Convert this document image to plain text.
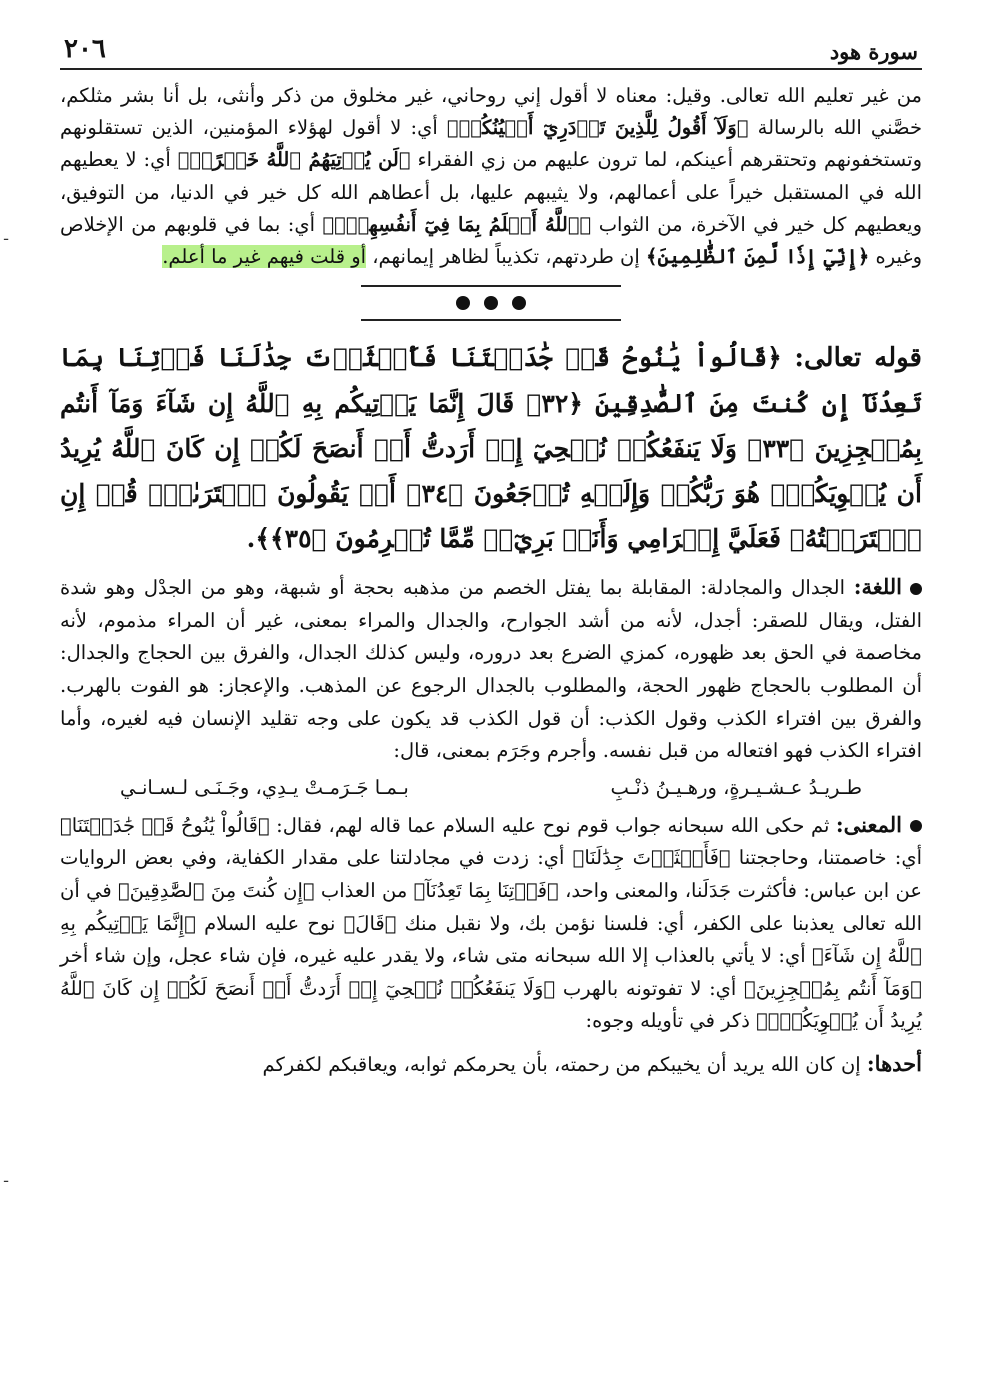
سورة هود
٢٠٦
من غير تعليم الله تعالى. وقيل: معناه لا أقول إني روحاني، غير مخلوق من ذكر وأنثى، بل أنا بشر مثلكم، خصَّني الله بالرسالة ﴿وَلَآ أَقُولُ لِلَّذِينَ تَزۡدَرِيٓ أَعۡيُنُكُمۡ﴾ أي: لا أقول لهؤلاء المؤمنين، الذين تستقلونهم وتستخفونهم وتحتقرهم أعينكم، لما ترون عليهم من زي الفقراء ﴿لَن يُؤۡتِيَهُمُ ٱللَّهُ خَيۡرًاۖ﴾ أي: لا يعطيهم الله في المستقبل خيراً على أعمالهم، ولا يثيبهم عليها، بل أعطاهم الله كل خير في الدنيا، من التوفيق، ويعطيهم كل خير في الآخرة، من الثواب ﴿ٱللَّهُ أَعۡلَمُ بِمَا فِيٓ أَنفُسِهِمۡۖ﴾ أي: بما في قلوبهم من الإخلاص وغيره ﴿إِنِّيٓ إِذٗا لَّمِنَ ٱلظَّٰلِمِينَ﴾ إن طردتهم، تكذيباً لظاهر إيمانهم، أو قلت فيهم غير ما أعلم.
قوله تعالى: ﴿قَالُواْ يَٰنُوحُ قَدۡ جَٰدَلۡتَنَا فَأَكۡثَرۡتَ جِدَٰلَنَا فَأۡتِنَا بِمَا تَعِدُنَآ إِن كُنتَ مِنَ ٱلصَّٰدِقِينَ ﴿٣٢﴾ قَالَ إِنَّمَا يَأۡتِيكُم بِهِ ٱللَّهُ إِن شَآءَ وَمَآ أَنتُم بِمُعۡجِزِينَ ﴿٣٣﴾ وَلَا يَنفَعُكُمۡ نُصۡحِيٓ إِنۡ أَرَدتُّ أَنۡ أَنصَحَ لَكُمۡ إِن كَانَ ٱللَّهُ يُرِيدُ أَن يُغۡوِيَكُمۡۚ هُوَ رَبُّكُمۡ وَإِلَيۡهِ تُرۡجَعُونَ ﴿٣٤﴾ أَمۡ يَقُولُونَ ٱفۡتَرَىٰهُۖ قُلۡ إِنِ ٱفۡتَرَيۡتُهُۥ فَعَلَيَّ إِجۡرَامِي وَأَنَا۠ بَرِيٓءٞ مِّمَّا تُجۡرِمُونَ ﴿٣٥﴾﴾.
اللغة: الجدال والمجادلة: المقابلة بما يفتل الخصم من مذهبه بحجة أو شبهة، وهو من الجدْل وهو شدة الفتل، ويقال للصقر: أجدل، لأنه من أشد الجوارح، والجدال والمراء بمعنى، غير أن المراء مذموم، لأنه مخاصمة في الحق بعد ظهوره، كمزي الضرع بعد دروره، وليس كذلك الجدال، والفرق بين الحجاج والجدال: أن المطلوب بالحجاج ظهور الحجة، والمطلوب بالجدال الرجوع عن المذهب. والإعجاز: هو الفوت بالهرب. والفرق بين افتراء الكذب وقول الكذب: أن قول الكذب قد يكون على وجه تقليد الإنسان فيه لغيره، وأما افتراء الكذب فهو افتعاله من قبل نفسه. وأجرم وجَرَم بمعنى، قال:
طـريـدُ عـشـيـرةٍ، ورهـيـنُ ذنْـبِ
بـمـا جَـرَمـتْ يـدِي، وجَـنَـى لـسـانـي
المعنى: ثم حكى الله سبحانه جواب قوم نوح عليه السلام عما قاله لهم، فقال: ﴿قَالُواْ يَٰنُوحُ قَدۡ جَٰدَلۡتَنَا﴾ أي: خاصمتنا، وحاججتنا ﴿فَأَكۡثَرۡتَ جِدَٰلَنَا﴾ أي: زدت في مجادلتنا على مقدار الكفاية، وفي بعض الروايات عن ابن عباس: فأكثرت جَدَلَنا، والمعنى واحد، ﴿فَأۡتِنَا بِمَا تَعِدُنَآ﴾ من العذاب ﴿إِن كُنتَ مِنَ ٱلصَّٰدِقِينَ﴾ في أن الله تعالى يعذبنا على الكفر، أي: فلسنا نؤمن بك، ولا نقبل منك ﴿قَالَ﴾ نوح عليه السلام ﴿إِنَّمَا يَأۡتِيكُم بِهِ ٱللَّهُ إِن شَآءَ﴾ أي: لا يأتي بالعذاب إلا الله سبحانه متى شاء، ولا يقدر عليه غيره، فإن شاء عجل، وإن شاء أخر ﴿وَمَآ أَنتُم بِمُعۡجِزِينَ﴾ أي: لا تفوتونه بالهرب ﴿وَلَا يَنفَعُكُمۡ نُصۡحِيٓ إِنۡ أَرَدتُّ أَنۡ أَنصَحَ لَكُمۡ إِن كَانَ ٱللَّهُ يُرِيدُ أَن يُغۡوِيَكُمۡۚ﴾ ذكر في تأويله وجوه:
أحدها: إن كان الله يريد أن يخيبكم من رحمته، بأن يحرمكم ثوابه، ويعاقبكم لكفركم
ـ
ـ
